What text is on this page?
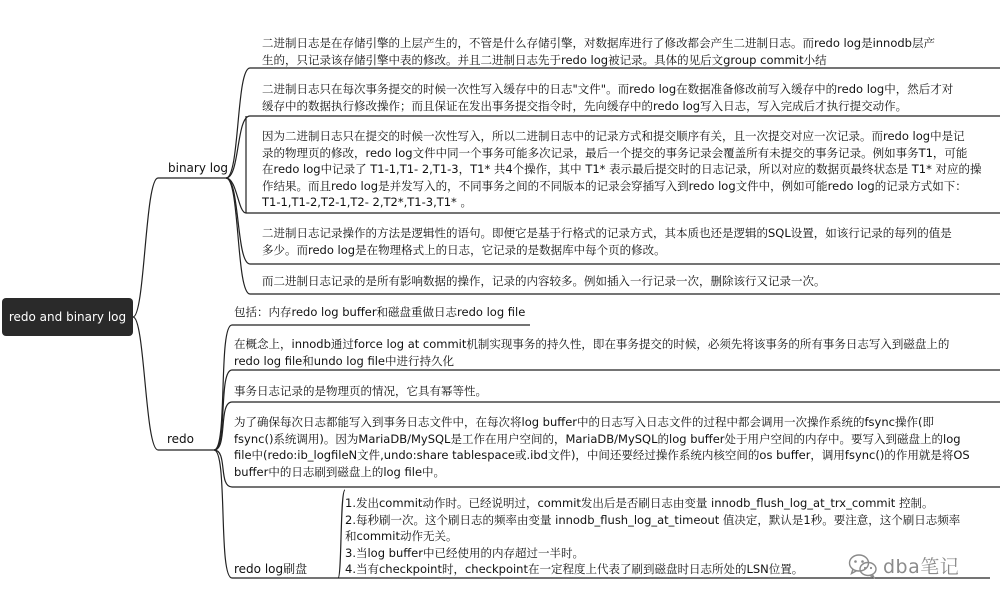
redo and binary log
binary log
redo

二进制日志是在存储引擎的上层产生的，不管是什么存储引擎，对数据库进行了修改都会产生二进制日志。而redo log是innodb层产
生的，只记录该存储引擎中表的修改。并且二进制日志先于redo log被记录。具体的见后文group commit小结

二进制日志只在每次事务提交的时候一次性写入缓存中的日志"文件"。而redo log在数据准备修改前写入缓存中的redo log中，然后才对
缓存中的数据执行修改操作；而且保证在发出事务提交指令时，先向缓存中的redo log写入日志，写入完成后才执行提交动作。

因为二进制日志只在提交的时候一次性写入，所以二进制日志中的记录方式和提交顺序有关，且一次提交对应一次记录。而redo log中是记
录的物理页的修改，redo log文件中同一个事务可能多次记录，最后一个提交的事务记录会覆盖所有未提交的事务记录。例如事务T1，可能
在redo log中记录了 T1-1,T1- 2,T1-3，T1* 共4个操作，其中 T1* 表示最后提交时的日志记录，所以对应的数据页最终状态是 T1* 对应的操
作结果。而且redo log是并发写入的，不同事务之间的不同版本的记录会穿插写入到redo log文件中，例如可能redo log的记录方式如下：
T1-1,T1-2,T2-1,T2- 2,T2*,T1-3,T1* 。

二进制日志记录操作的方法是逻辑性的语句。即便它是基于行格式的记录方式，其本质也还是逻辑的SQL设置，如该行记录的每列的值是
多少。而redo log是在物理格式上的日志，它记录的是数据库中每个页的修改。

而二进制日志记录的是所有影响数据的操作，记录的内容较多。例如插入一行记录一次，删除该行又记录一次。

包括：内存redo log buffer和磁盘重做日志redo log file

在概念上，innodb通过force log at commit机制实现事务的持久性，即在事务提交的时候，必须先将该事务的所有事务日志写入到磁盘上的
redo log file和undo log file中进行持久化

事务日志记录的是物理页的情况，它具有幂等性。

为了确保每次日志都能写入到事务日志文件中，在每次将log buffer中的日志写入日志文件的过程中都会调用一次操作系统的fsync操作(即
fsync()系统调用)。因为MariaDB/MySQL是工作在用户空间的，MariaDB/MySQL的log buffer处于用户空间的内存中。要写入到磁盘上的log
file中(redo:ib_logfileN文件,undo:share tablespace或.ibd文件)，中间还要经过操作系统内核空间的os buffer，调用fsync()的作用就是将OS
buffer中的日志刷到磁盘上的log file中。

redo log刷盘

1.发出commit动作时。已经说明过，commit发出后是否刷日志由变量 innodb_flush_log_at_trx_commit 控制。
2.每秒刷一次。这个刷日志的频率由变量 innodb_flush_log_at_timeout 值决定，默认是1秒。要注意，这个刷日志频率
和commit动作无关。
3.当log buffer中已经使用的内存超过一半时。
4.当有checkpoint时，checkpoint在一定程度上代表了刷到磁盘时日志所处的LSN位置。	dba笔记
